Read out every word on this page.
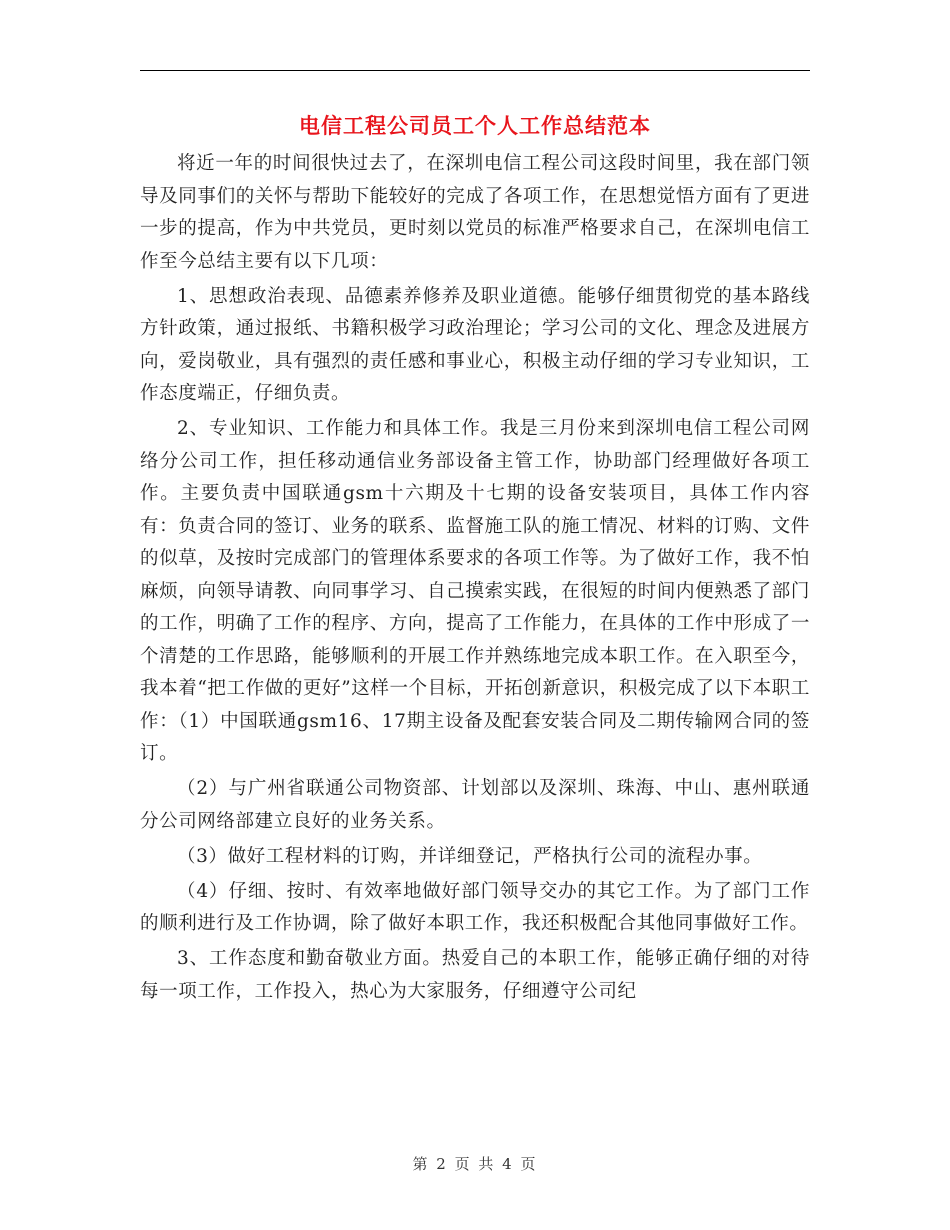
电信工程公司员工个人工作总结范本

将近一年的时间很快过去了，在深圳电信工程公司这段时间里，我在部门领导及同事们的关怀与帮助下能较好的完成了各项工作，在思想觉悟方面有了更进一步的提高，作为中共党员，更时刻以党员的标准严格要求自己，在深圳电信工作至今总结主要有以下几项：

1、思想政治表现、品德素养修养及职业道德。能够仔细贯彻党的基本路线方针政策，通过报纸、书籍积极学习政治理论；学习公司的文化、理念及进展方向，爱岗敬业，具有强烈的责任感和事业心，积极主动仔细的学习专业知识，工作态度端正，仔细负责。

2、专业知识、工作能力和具体工作。我是三月份来到深圳电信工程公司网络分公司工作，担任移动通信业务部设备主管工作，协助部门经理做好各项工作。主要负责中国联通gsm十六期及十七期的设备安装项目，具体工作内容有：负责合同的签订、业务的联系、监督施工队的施工情况、材料的订购、文件的似草，及按时完成部门的管理体系要求的各项工作等。为了做好工作，我不怕麻烦，向领导请教、向同事学习、自己摸索实践，在很短的时间内便熟悉了部门的工作，明确了工作的程序、方向，提高了工作能力，在具体的工作中形成了一个清楚的工作思路，能够顺利的开展工作并熟练地完成本职工作。在入职至今，我本着“把工作做的更好”这样一个目标，开拓创新意识，积极完成了以下本职工作：（1）中国联通gsm16、17期主设备及配套安装合同及二期传输网合同的签订。

（2）与广州省联通公司物资部、计划部以及深圳、珠海、中山、惠州联通分公司网络部建立良好的业务关系。

（3）做好工程材料的订购，并详细登记，严格执行公司的流程办事。

（4）仔细、按时、有效率地做好部门领导交办的其它工作。为了部门工作的顺利进行及工作协调，除了做好本职工作，我还积极配合其他同事做好工作。

3、工作态度和勤奋敬业方面。热爱自己的本职工作，能够正确仔细的对待每一项工作，工作投入，热心为大家服务，仔细遵守公司纪

第 2 页 共 4 页
